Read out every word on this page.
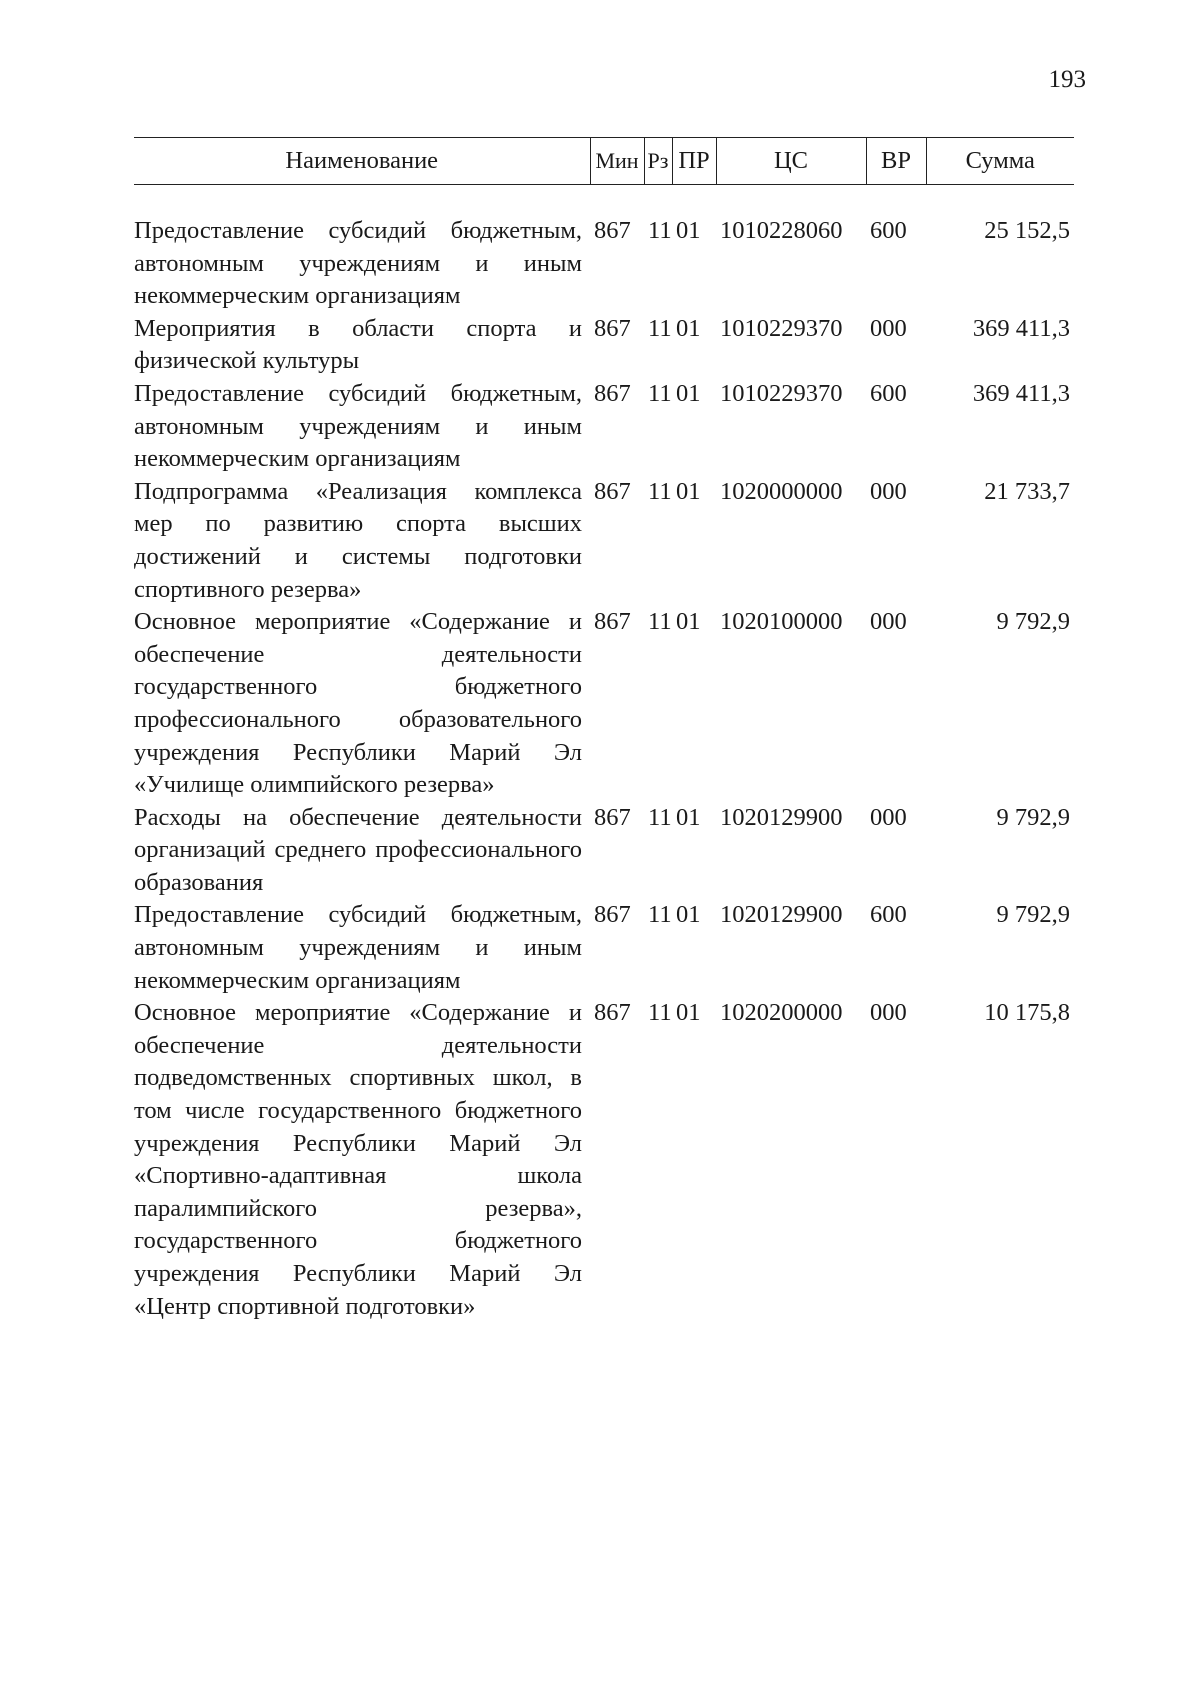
193
Наименование	Мин	Рз	ПР	ЦС	ВР	Сумма

Предоставление субсидий бюджетным, автономным учреждениям и иным некоммерческим организациям	867	11	01	1010228060	600	25 152,5
Мероприятия в области спорта и физической культуры	867	11	01	1010229370	000	369 411,3
Предоставление субсидий бюджетным, автономным учреждениям и иным некоммерческим организациям	867	11	01	1010229370	600	369 411,3
Подпрограмма «Реализация комплекса мер по развитию спорта высших достижений и системы подготовки спортивного резерва»	867	11	01	1020000000	000	21 733,7
Основное мероприятие «Содержание и обеспечение деятельности государственного бюджетного профессионального образовательного учреждения Республики Марий Эл «Училище олимпийского резерва»	867	11	01	1020100000	000	9 792,9
Расходы на обеспечение деятельности организаций среднего профессионального образования	867	11	01	1020129900	000	9 792,9
Предоставление субсидий бюджетным, автономным учреждениям и иным некоммерческим организациям	867	11	01	1020129900	600	9 792,9
Основное мероприятие «Содержание и обеспечение деятельности подведомственных спортивных школ, в том числе государственного бюджетного учреждения Республики Марий Эл «Спортивно-адаптивная школа паралимпийского резерва», государственного бюджетного учреждения Республики Марий Эл «Центр спортивной подготовки»	867	11	01	1020200000	000	10 175,8
